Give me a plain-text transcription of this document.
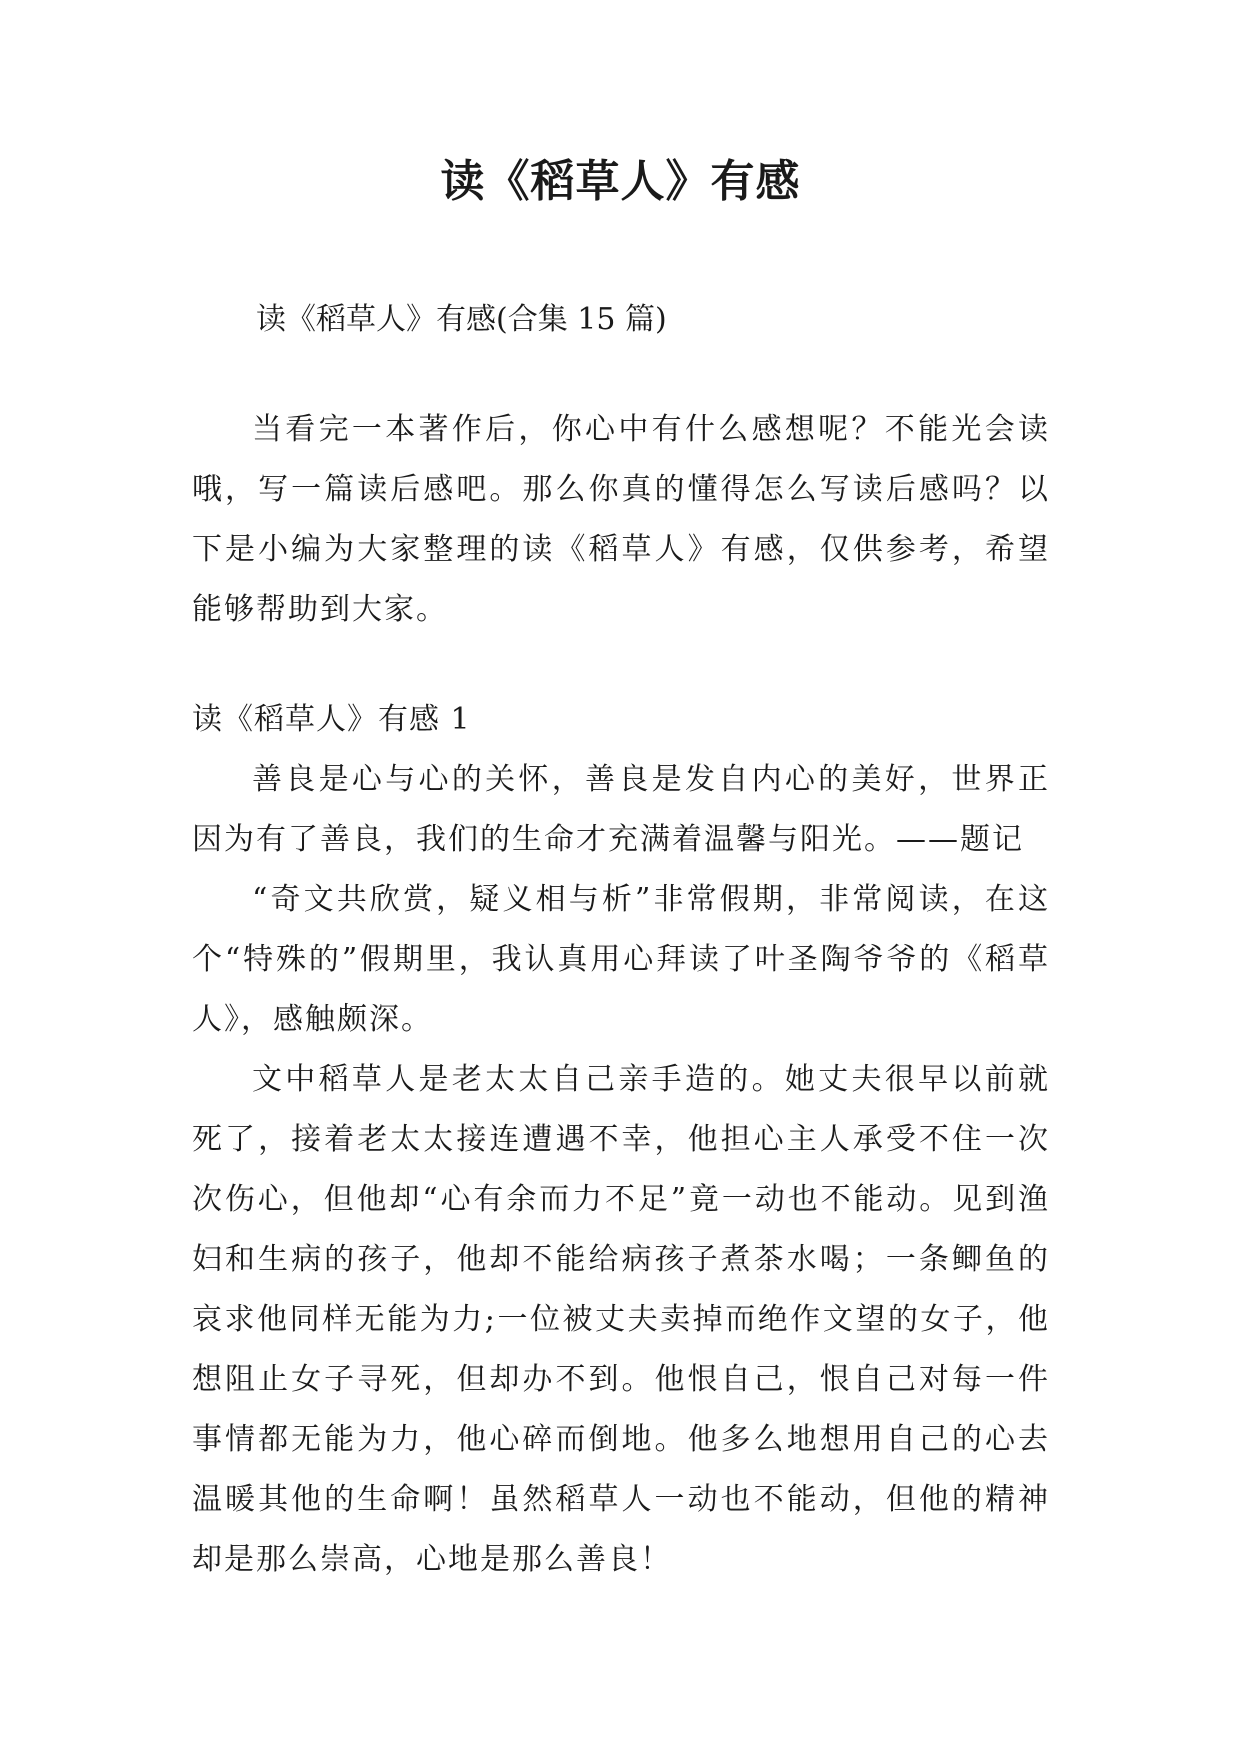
读《稻草人》有感
读《稻草人》有感(合集 15 篇)

当看完一本著作后，你心中有什么感想呢？不能光会读哦，写一篇读后感吧。那么你真的懂得怎么写读后感吗？以下是小编为大家整理的读《稻草人》有感，仅供参考，希望能够帮助到大家。

读《稻草人》有感 1

善良是心与心的关怀，善良是发自内心的美好，世界正因为有了善良，我们的生命才充满着温馨与阳光。——题记

“奇文共欣赏，疑义相与析”非常假期，非常阅读，在这个“特殊的”假期里，我认真用心拜读了叶圣陶爷爷的《稻草人》，感触颇深。

文中稻草人是老太太自己亲手造的。她丈夫很早以前就死了，接着老太太接连遭遇不幸，他担心主人承受不住一次次伤心，但他却“心有余而力不足”竟一动也不能动。见到渔妇和生病的孩子，他却不能给病孩子煮茶水喝；一条鲫鱼的哀求他同样无能为力;一位被丈夫卖掉而绝作文望的女子，他想阻止女子寻死，但却办不到。他恨自己，恨自己对每一件事情都无能为力，他心碎而倒地。他多么地想用自己的心去温暖其他的生命啊！虽然稻草人一动也不能动，但他的精神却是那么崇高，心地是那么善良！
